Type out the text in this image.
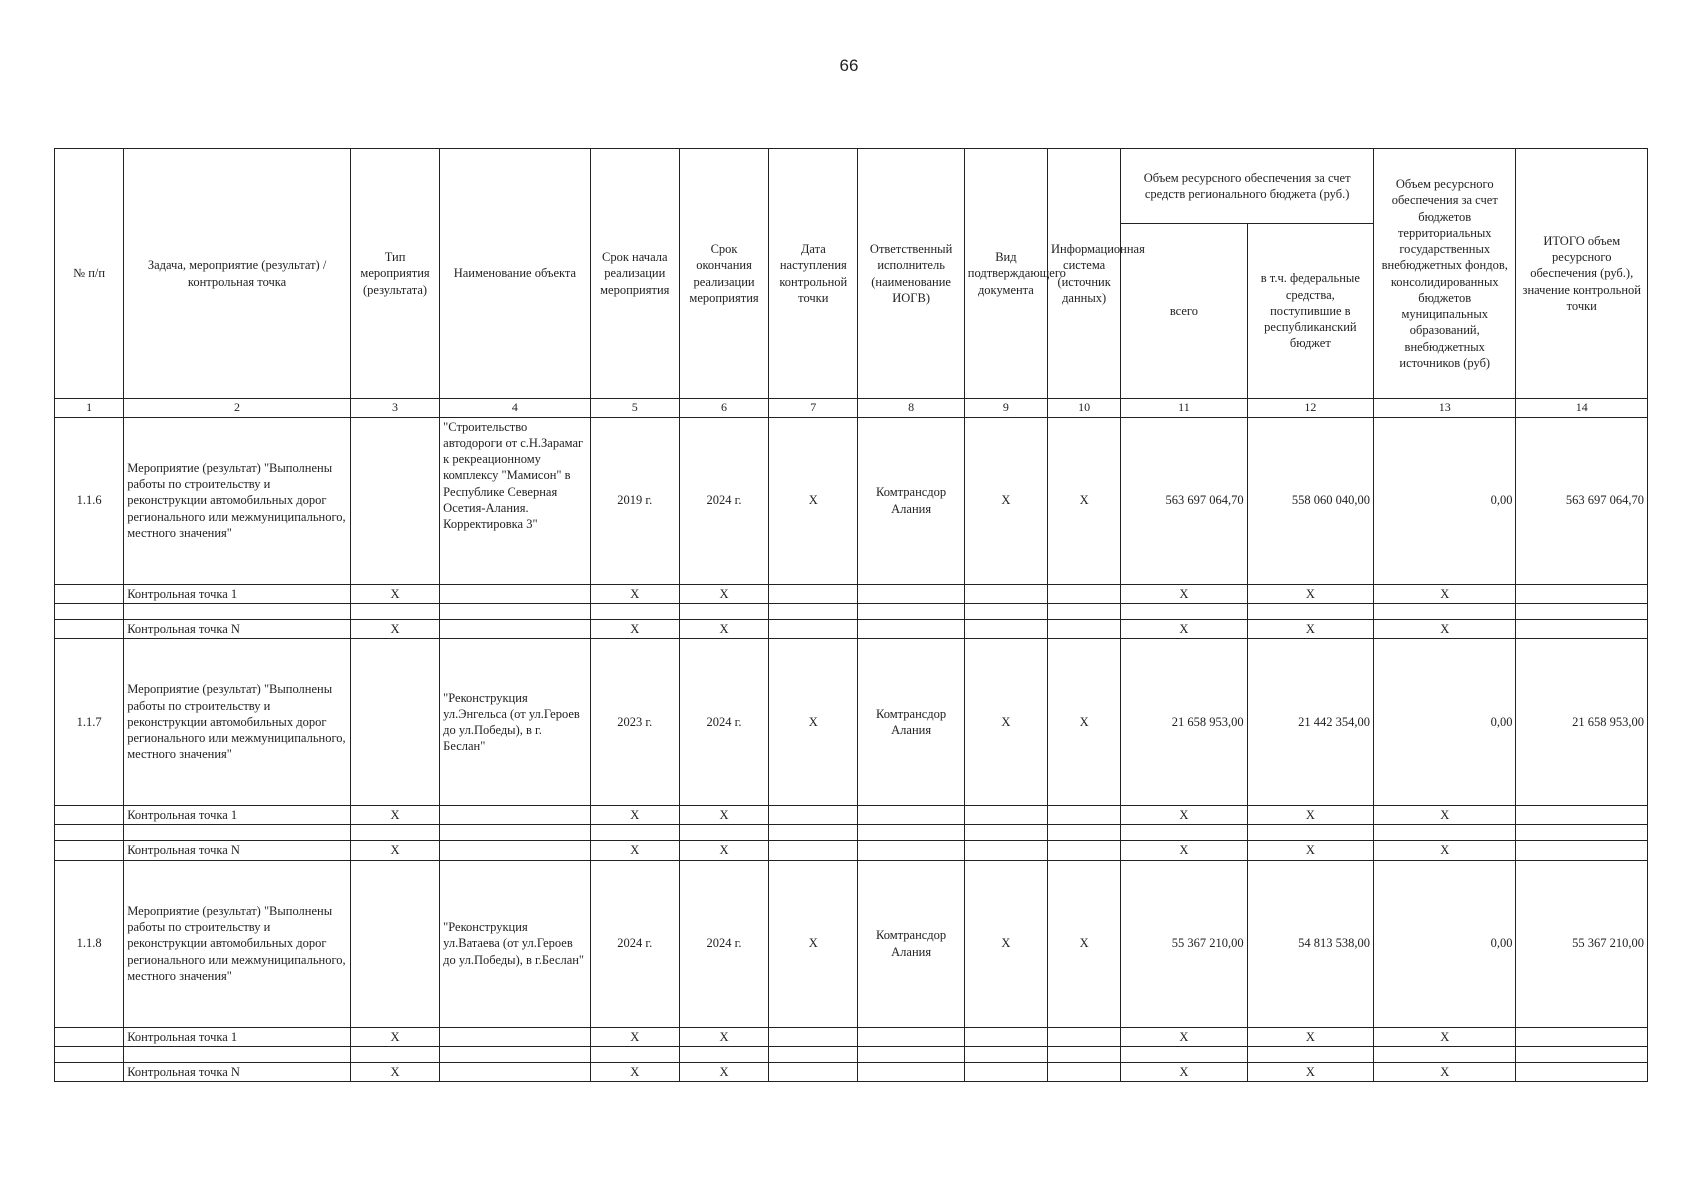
66
№ п/п	Задача, мероприятие (результат) / контрольная точка	Тип мероприятия (результата)	Наименование объекта	Срок начала реализации мероприятия	Срок окончания реализации мероприятия	Дата наступления контрольной точки	Ответственный исполнитель (наименование ИОГВ)	Вид подтверждающего документа	Информационная система (источник данных)	Объем ресурсного обеспечения за счет средств регионального бюджета (руб.)		Объем ресурсного обеспечения за счет бюджетов территориальных государственных внебюджетных фондов, консолидированных бюджетов муниципальных образований, внебюджетных источников (руб)	ИТОГО объем ресурсного обеспечения (руб.), значение контрольной точки
										всего	в т.ч. федеральные средства, поступившие в республиканский бюджет		
1	2	3	4	5	6	7	8	9	10	11	12	13	14
1.1.6	Мероприятие (результат) "Выполнены работы по строительству и реконструкции автомобильных дорог регионального или межмуниципального, местного значения"		"Строительство автодороги от с.Н.Зарамаг к рекреационному комплексу "Мамисон" в Республике Северная Осетия-Алания. Корректировка 3"	2019 г.	2024 г.	X	Комтрансдор Алания	X	X	563 697 064,70	558 060 040,00	0,00	563 697 064,70
	Контрольная точка 1	X		X	X					X	X	X	

	Контрольная точка N	X		X	X					X	X	X	
1.1.7	Мероприятие (результат) "Выполнены работы по строительству и реконструкции автомобильных дорог регионального или межмуниципального, местного значения"		"Реконструкция ул.Энгельса (от ул.Героев до ул.Победы), в г. Беслан"	2023 г.	2024 г.	X	Комтрансдор Алания	X	X	21 658 953,00	21 442 354,00	0,00	21 658 953,00
	Контрольная точка 1	X		X	X					X	X	X	

	Контрольная точка N	X		X	X					X	X	X	
1.1.8	Мероприятие (результат) "Выполнены работы по строительству и реконструкции автомобильных дорог регионального или межмуниципального, местного значения"		"Реконструкция ул.Ватаева (от ул.Героев до ул.Победы), в г.Беслан"	2024 г.	2024 г.	X	Комтрансдор Алания	X	X	55 367 210,00	54 813 538,00	0,00	55 367 210,00
	Контрольная точка 1	X		X	X					X	X	X	

	Контрольная точка N	X		X	X					X	X	X	
